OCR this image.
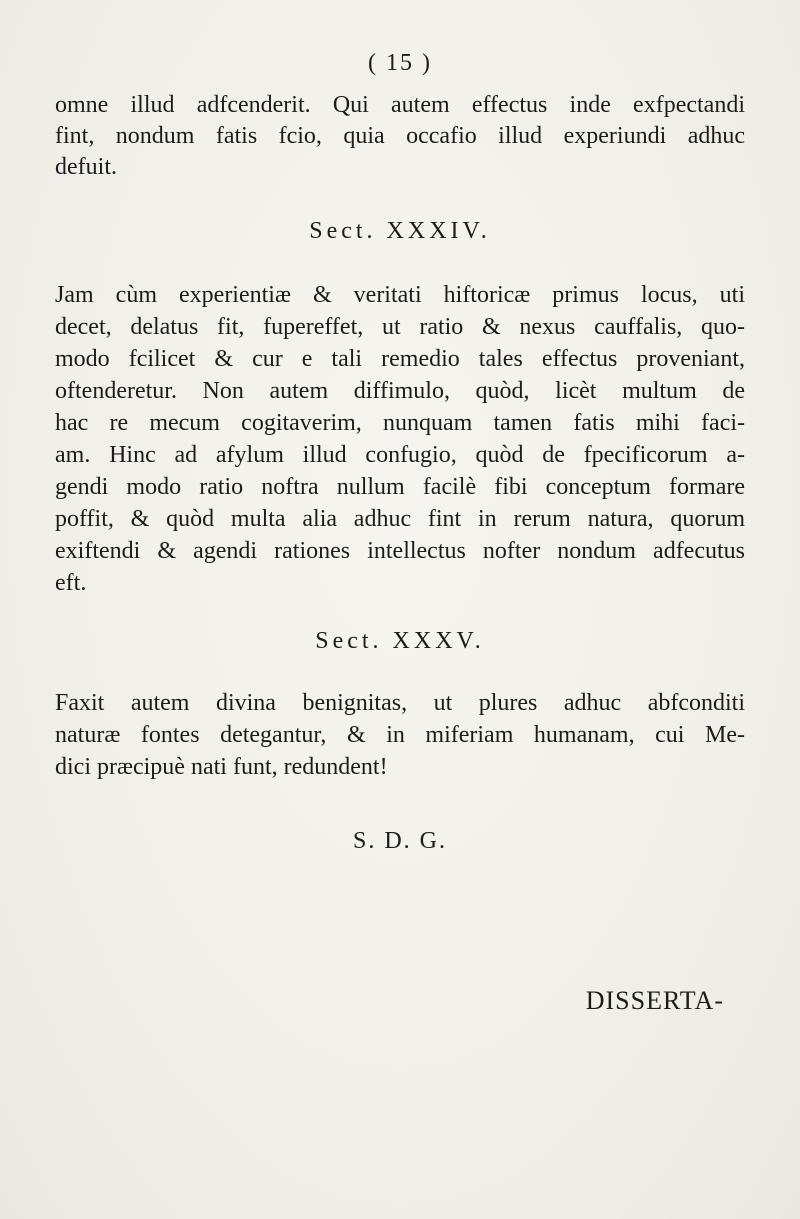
( 15 )
omne illud adfcenderit. Qui autem effectus inde exfpectandi
fint, nondum fatis fcio, quia occafio illud experiundi adhuc
defuit.
Sect. XXXIV.
Jam cùm experientiæ & veritati hiftoricæ primus locus, uti
decet, delatus fit, fupereffet, ut ratio & nexus cauffalis, quo-
modo fcilicet & cur e tali remedio tales effectus proveniant,
oftenderetur. Non autem diffimulo, quòd, licèt multum de
hac re mecum cogitaverim, nunquam tamen fatis mihi faci-
am. Hinc ad afylum illud confugio, quòd de fpecificorum a-
gendi modo ratio noftra nullum facilè fibi conceptum formare
poffit, & quòd multa alia adhuc fint in rerum natura, quorum
exiftendi & agendi rationes intellectus nofter nondum adfecutus
eft.
Sect. XXXV.
Faxit autem divina benignitas, ut plures adhuc abfconditi
naturæ fontes detegantur, & in miferiam humanam, cui Me-
dici præcipuè nati funt, redundent!
S. D. G.
DISSERTA-
